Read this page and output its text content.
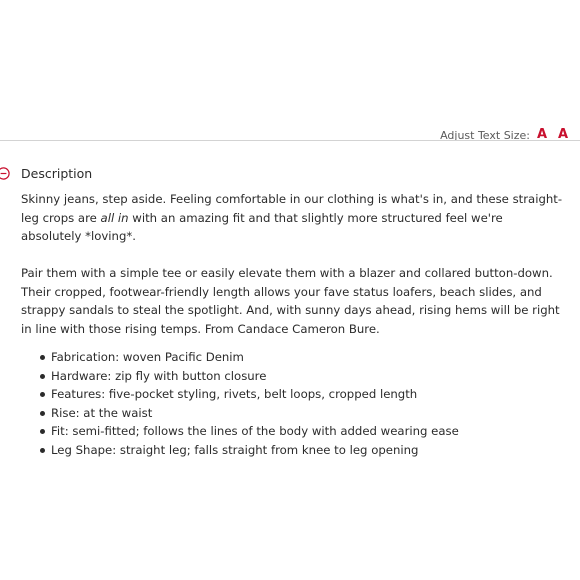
Adjust Text Size: A A
Description

Skinny jeans, step aside. Feeling comfortable in our clothing is what's in, and these straight-leg crops are all in with an amazing fit and that slightly more structured feel we're absolutely *loving*.

Pair them with a simple tee or easily elevate them with a blazer and collared button-down. Their cropped, footwear-friendly length allows your fave status loafers, beach slides, and strappy sandals to steal the spotlight. And, with sunny days ahead, rising hems will be right in line with those rising temps. From Candace Cameron Bure.

Fabrication: woven Pacific Denim
Hardware: zip fly with button closure
Features: five-pocket styling, rivets, belt loops, cropped length
Rise: at the waist
Fit: semi-fitted; follows the lines of the body with added wearing ease
Leg Shape: straight leg; falls straight from knee to leg opening
